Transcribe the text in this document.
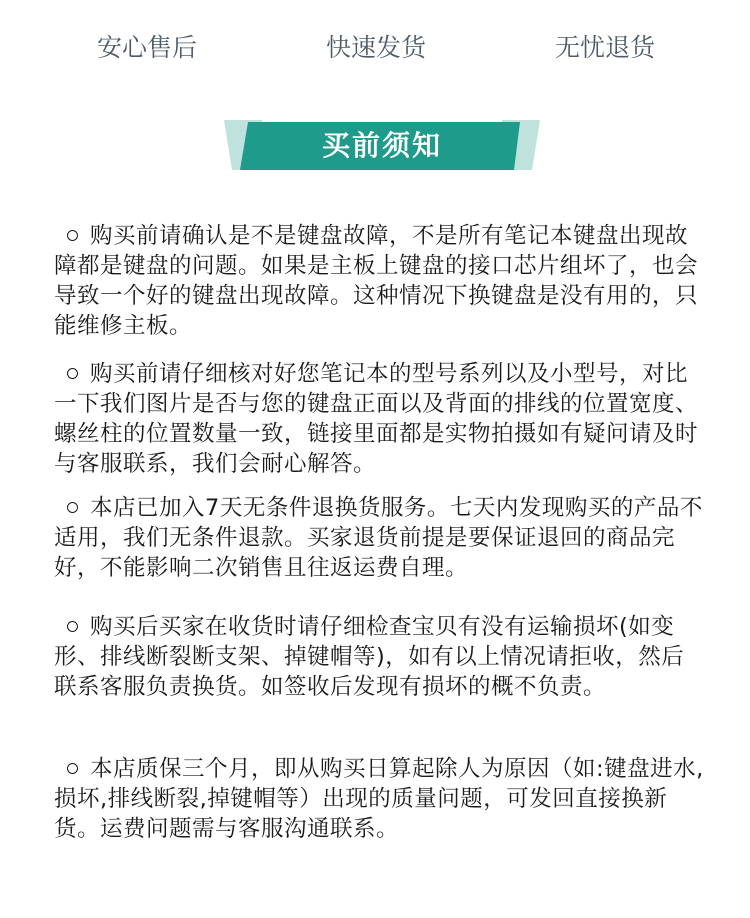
安心售后	快速发货	无忧退货
买前须知
购买前请确认是不是键盘故障，不是所有笔记本键盘出现故障都是键盘的问题。如果是主板上键盘的接口芯片组坏了，也会导致一个好的键盘出现故障。这种情况下换键盘是没有用的，只能维修主板。
购买前请仔细核对好您笔记本的型号系列以及小型号，对比一下我们图片是否与您的键盘正面以及背面的排线的位置宽度、螺丝柱的位置数量一致，链接里面都是实物拍摄如有疑问请及时与客服联系，我们会耐心解答。
本店已加入7天无条件退换货服务。七天内发现购买的产品不适用，我们无条件退款。买家退货前提是要保证退回的商品完好，不能影响二次销售且往返运费自理。
购买后买家在收货时请仔细检查宝贝有没有运输损坏(如变形、排线断裂断支架、掉键帽等)，如有以上情况请拒收，然后联系客服负责换货。如签收后发现有损坏的概不负责。
本店质保三个月，即从购买日算起除人为原因（如:键盘进水,损坏,排线断裂,掉键帽等）出现的质量问题，可发回直接换新货。运费问题需与客服沟通联系。
